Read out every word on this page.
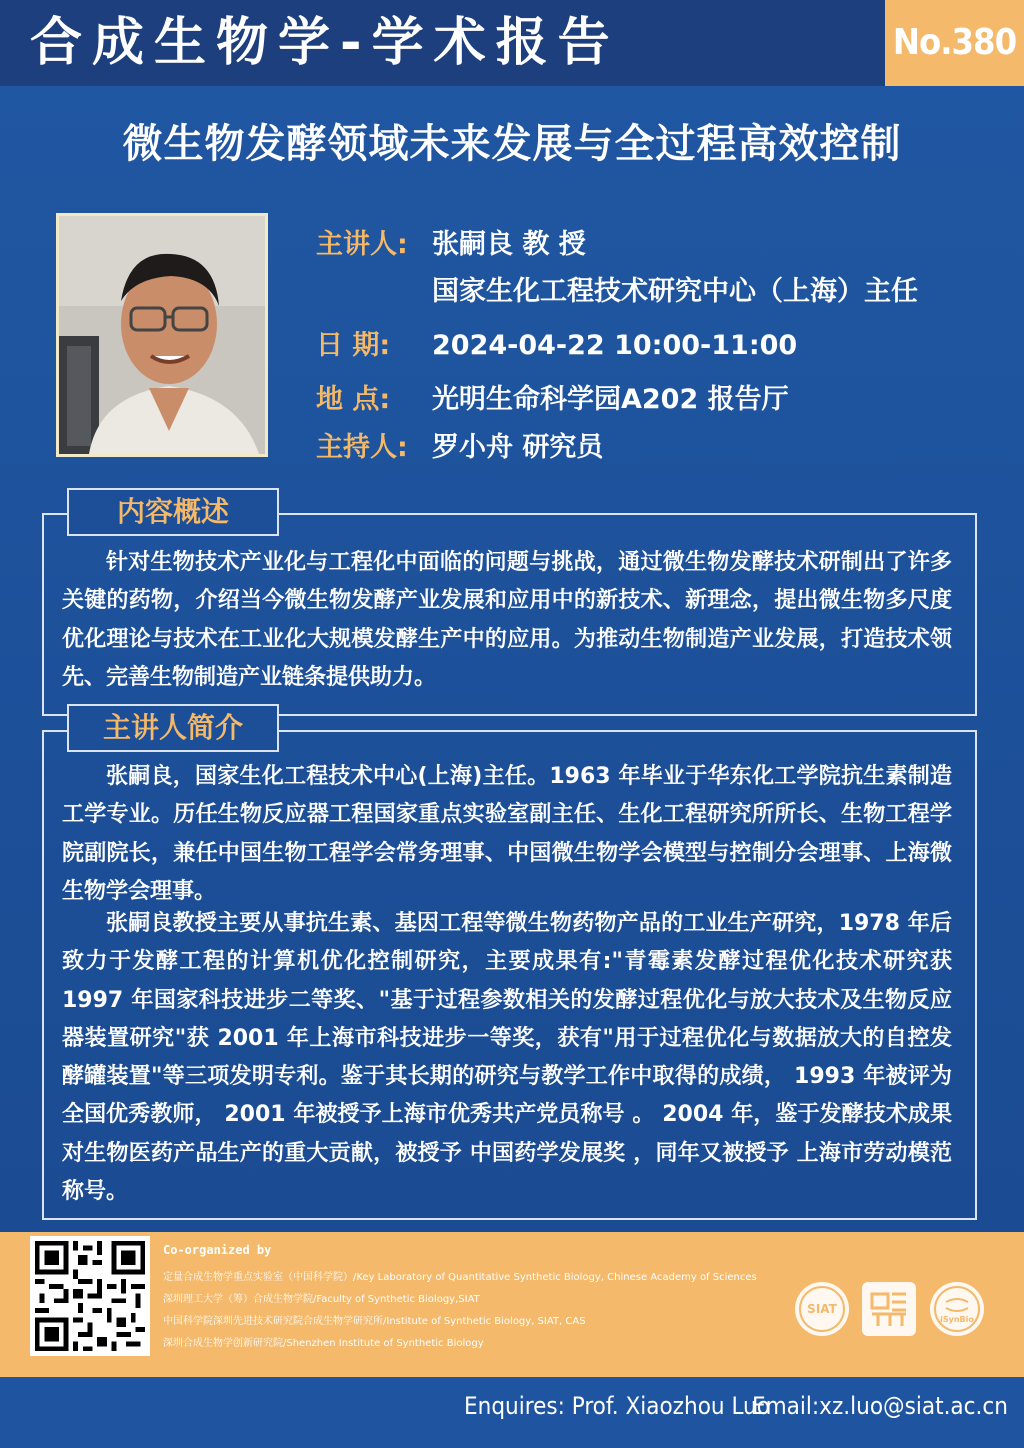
合成生物学-学术报告	No.380
微生物发酵领域未来发展与全过程高效控制
主讲人: 张嗣良 教 授
国家生化工程技术研究中心（上海）主任
日 期: 2024-04-22 10:00-11:00
地 点: 光明生命科学园A202 报告厅
主持人: 罗小舟 研究员
内容概述
针对生物技术产业化与工程化中面临的问题与挑战，通过微生物发酵技术研制出了许多关键的药物，介绍当今微生物发酵产业发展和应用中的新技术、新理念，提出微生物多尺度优化理论与技术在工业化大规模发酵生产中的应用。为推动生物制造产业发展，打造技术领先、完善生物制造产业链条提供助力。
主讲人简介
张嗣良，国家生化工程技术中心(上海)主任。1963 年毕业于华东化工学院抗生素制造工学专业。历任生物反应器工程国家重点实验室副主任、生化工程研究所所长、生物工程学院副院长，兼任中国生物工程学会常务理事、中国微生物学会模型与控制分会理事、上海微生物学会理事。
张嗣良教授主要从事抗生素、基因工程等微生物药物产品的工业生产研究，1978 年后致力于发酵工程的计算机优化控制研究，主要成果有:"青霉素发酵过程优化技术研究获 1997 年国家科技进步二等奖、"基于过程参数相关的发酵过程优化与放大技术及生物反应器装置研究"获 2001 年上海市科技进步一等奖，获有"用于过程优化与数据放大的自控发酵罐装置"等三项发明专利。鉴于其长期的研究与教学工作中取得的成绩， 1993 年被评为全国优秀教师， 2001 年被授予上海市优秀共产党员称号 。 2004 年，鉴于发酵技术成果对生物医药产品生产的重大贡献，被授予 中国药学发展奖 ，同年又被授予 上海市劳动模范称号。
Co-organized by
定量合成生物学重点实验室（中国科学院）/Key Laboratory of Quantitative Synthetic Biology, Chinese Academy of Sciences
深圳理工大学（筹）合成生物学院/Faculty of Synthetic Biology,SIAT
中国科学院深圳先进技术研究院合成生物学研究所/Institute of Synthetic Biology, SIAT, CAS
深圳合成生物学创新研究院/Shenzhen Institute of Synthetic Biology
SIAT
iSynBio
Enquires: Prof. Xiaozhou Luo
Email:xz.luo@siat.ac.cn
